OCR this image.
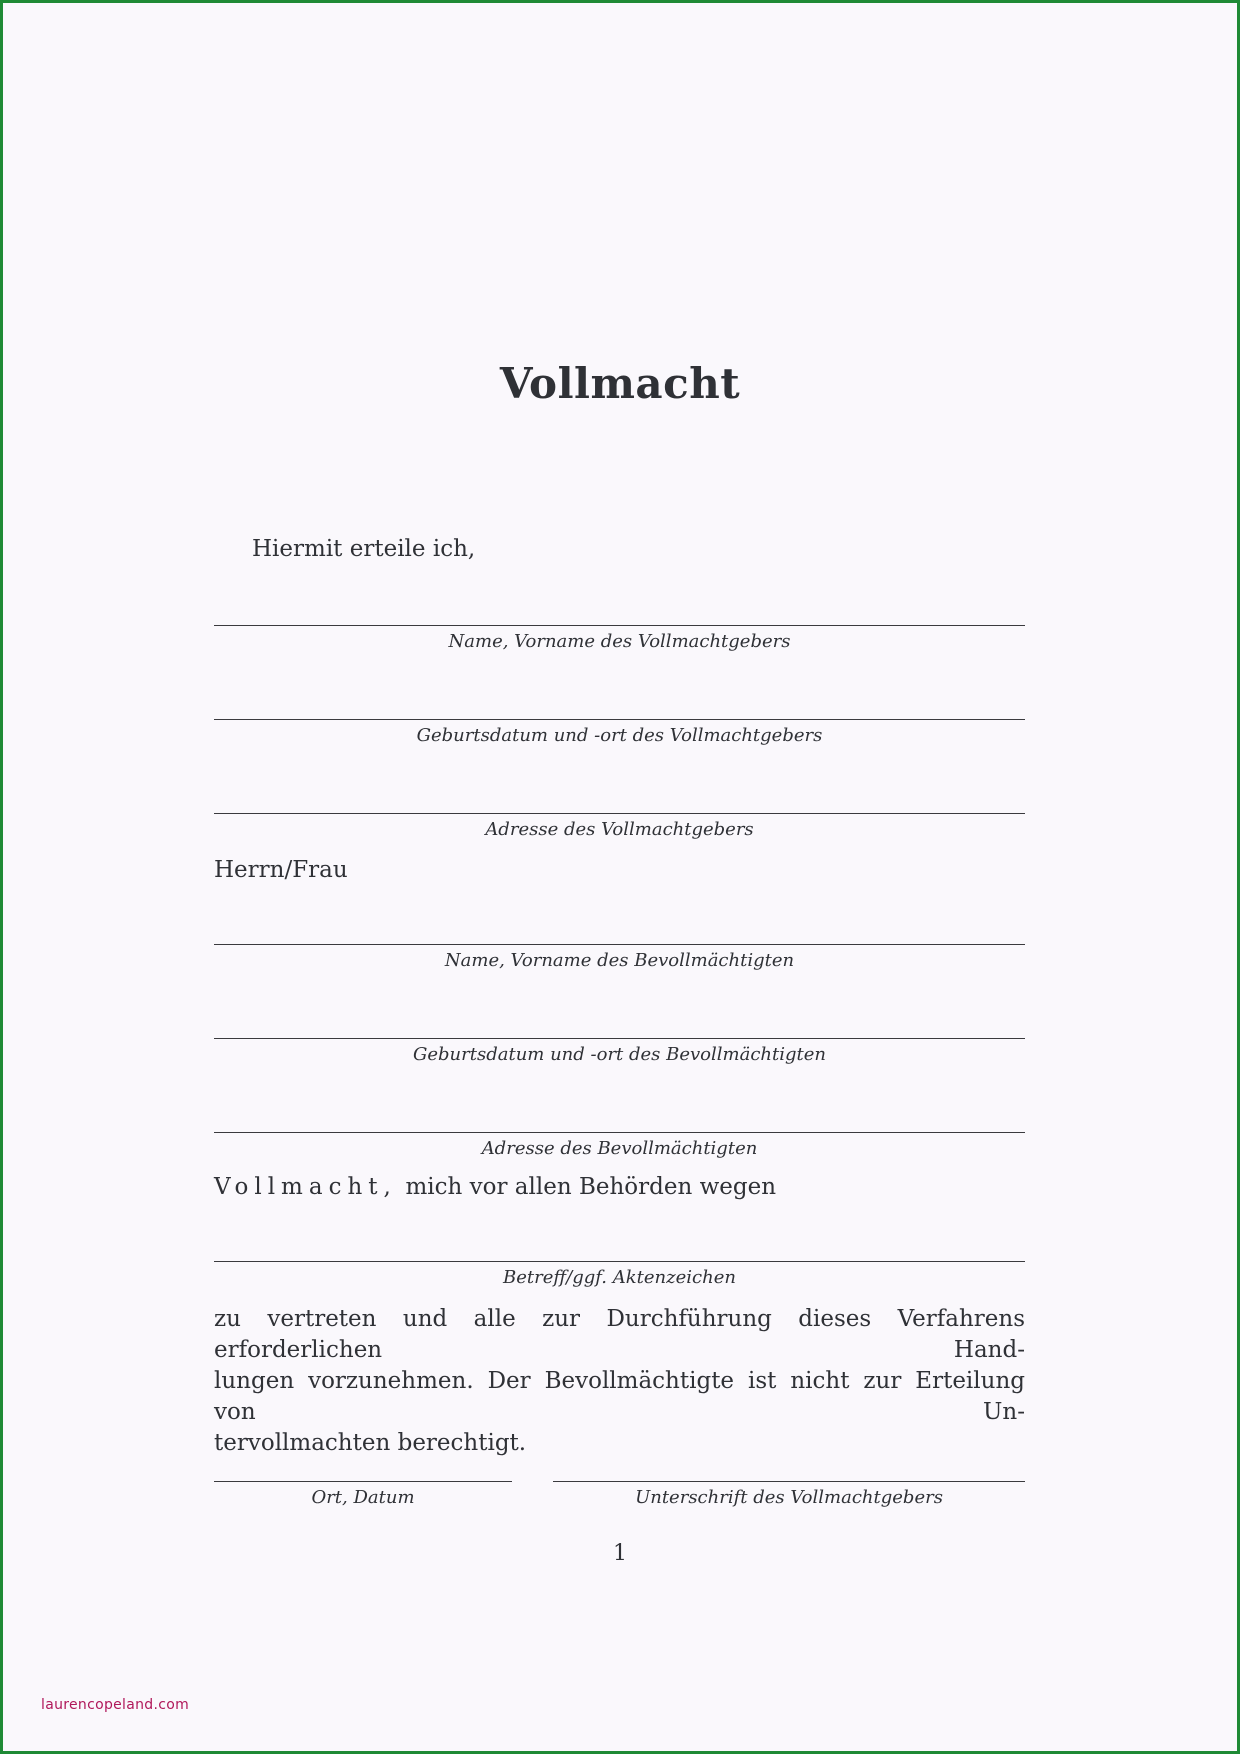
Vollmacht
Hiermit erteile ich,
Name, Vorname des Vollmachtgebers
Geburtsdatum und -ort des Vollmachtgebers
Adresse des Vollmachtgebers
Herrn/Frau
Name, Vorname des Bevollmächtigten
Geburtsdatum und -ort des Bevollmächtigten
Adresse des Bevollmächtigten
Vollmacht,  mich vor allen Behörden wegen
Betreff/ggf. Aktenzeichen
zu vertreten und alle zur Durchführung dieses Verfahrens erforderlichen Hand-
lungen vorzunehmen. Der Bevollmächtigte ist nicht zur Erteilung von Un-
tervollmachten berechtigt.
Ort, Datum	Unterschrift des Vollmachtgebers
1
laurencopeland.com
